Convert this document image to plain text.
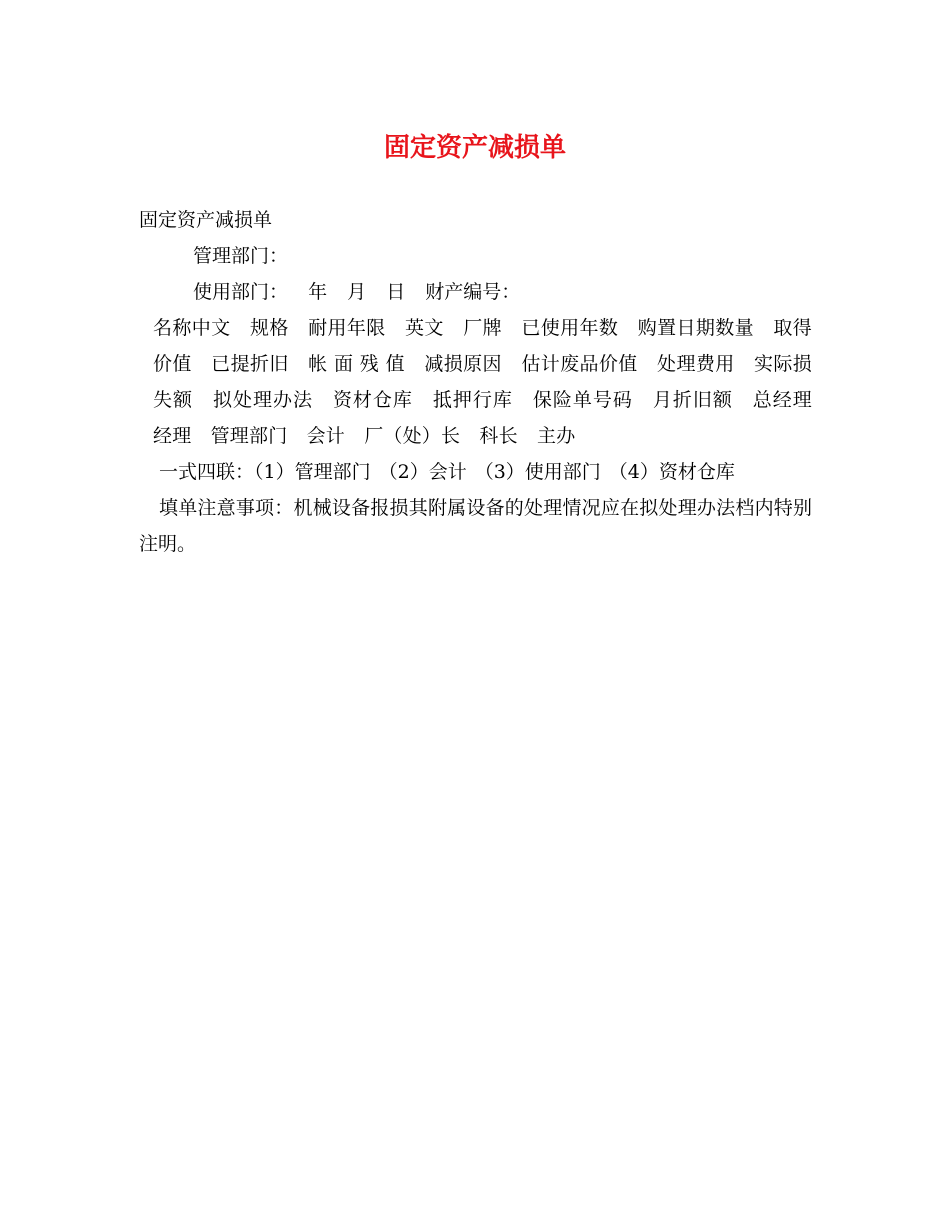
固定资产减损单

固定资产减损单

管理部门：

使用部门： 年 月 日 财产编号：

名称中文　规格　耐用年限　英文　厂牌　已使用年数　购置日期数量　取得价值　已提折旧　帐 面 残 值　减损原因　估计废品价值　处理费用　实际损失额　拟处理办法　资材仓库　抵押行库　保险单号码　月折旧额　总经理　经理　管理部门　会计　厂（处）长　科长　主办

一式四联：（1）管理部门 （2）会计 （3）使用部门 （4）资材仓库

填单注意事项：机械设备报损其附属设备的处理情况应在拟处理办法档内特别注明。
